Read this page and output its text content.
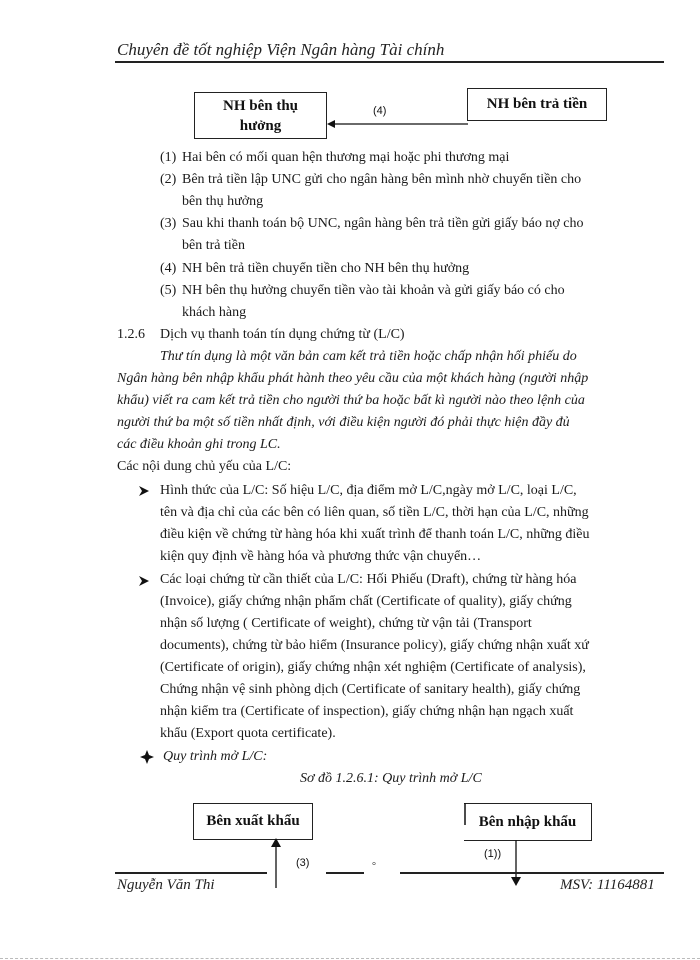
Chuyên đề tốt nghiệp Viện Ngân hàng Tài chính
NH bên thụ hưởng
NH bên trả tiền
(4)
(1) Hai bên có mối quan hện thương mại hoặc phi thương mại
(2) Bên trả tiền lập UNC gửi cho ngân hàng bên mình nhờ chuyển tiền cho
bên thụ hưởng
(3) Sau khi thanh toán bộ UNC, ngân hàng bên trả tiền gửi giấy báo nợ cho
bên trả tiền
(4) NH bên trả tiền chuyển tiền cho NH bên thụ hưởng
(5) NH bên thụ hưởng chuyển tiền vào tài khoản và gửi giấy báo có cho
khách hàng
1.2.6 Dịch vụ thanh toán tín dụng chứng từ (L/C)
Thư tín dụng là một văn bản cam kết trả tiền hoặc chấp nhận hối phiếu do
Ngân hàng bên nhập khẩu phát hành theo yêu cầu của một khách hàng (người nhập
khẩu) viết ra cam kết trả tiền cho người thứ ba hoặc bất kì người nào theo lệnh của
người thứ ba một số tiền nhất định, với điều kiện người đó phải thực hiện đầy đủ
các điều khoản ghi trong LC.
Các nội dung chủ yếu của L/C:
Hình thức của L/C: Số hiệu L/C, địa điểm mở L/C,ngày mở L/C, loại L/C,
tên và địa chỉ của các bên có liên quan, số tiền L/C, thời hạn của L/C, những
điều kiện về chứng từ hàng hóa khi xuất trình để thanh toán L/C, những điều
kiện quy định về hàng hóa và phương thức vận chuyển…
Các loại chứng từ cần thiết của L/C: Hối Phiếu (Draft), chứng từ hàng hóa
(Invoice), giấy chứng nhận phẩm chất (Certificate of quality), giấy chứng
nhận số lượng ( Certificate of weight), chứng từ vận tải (Transport
documents), chứng từ bảo hiểm (Insurance policy), giấy chứng nhận xuất xứ
(Certificate of origin), giấy chứng nhận xét nghiệm (Certificate of analysis),
Chứng nhận vệ sinh phòng dịch (Certificate of sanitary health), giấy chứng
nhận kiểm tra (Certificate of inspection), giấy chứng nhận hạn ngạch xuất
khẩu (Export quota certificate).
Quy trình mở L/C:
Sơ đồ 1.2.6.1: Quy trình mở L/C
Bên xuất khẩu	Bên nhập khẩu
(3)
(1))
°
Nguyễn Văn Thi	MSV: 11164881
